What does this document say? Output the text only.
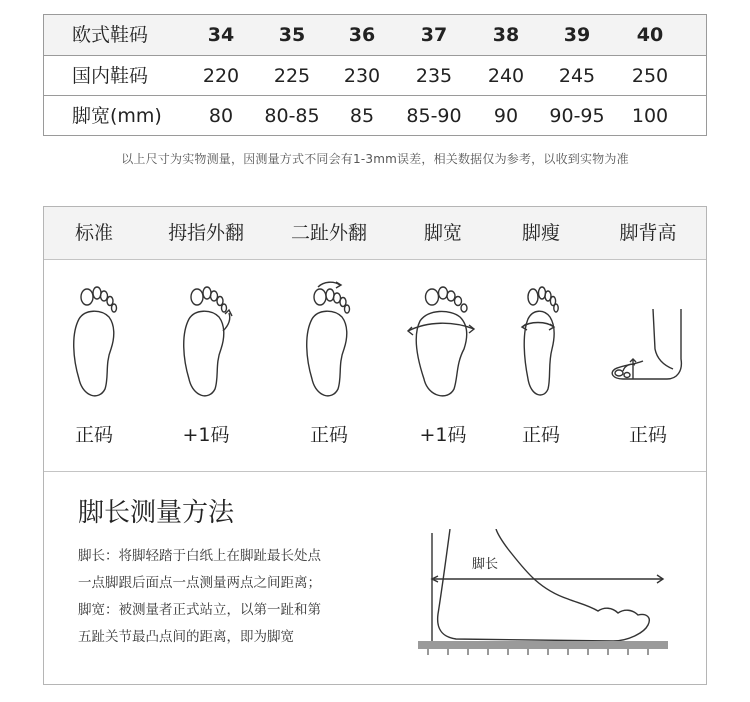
欧式鞋码	34	35	36	37	38	39	40
国内鞋码	220	225	230	235	240	245	250
脚宽(mm)	80	80-85	85	85-90	90	90-95	100
以上尺寸为实物测量，因测量方式不同会有1-3mm误差，相关数据仅为参考，以收到实物为准
标准	拇指外翻	二趾外翻	脚宽	脚瘦	脚背高
正码	+1码	正码	+1码	正码	正码
脚长测量方法
脚长：将脚轻踏于白纸上在脚趾最长处点
一点脚跟后面点一点测量两点之间距离；
脚宽：被测量者正式站立，以第一趾和第
五趾关节最凸点间的距离，即为脚宽
脚长
